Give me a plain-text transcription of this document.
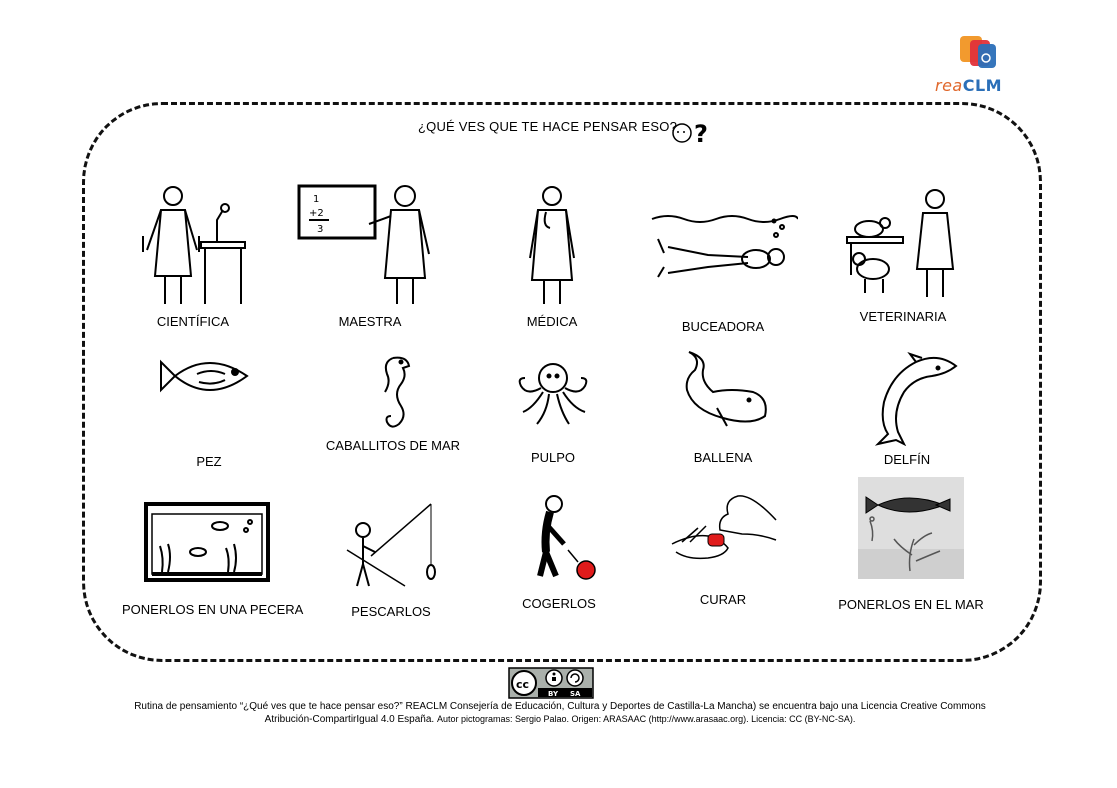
reaCLM
¿QUÉ VES QUE TE HACE PENSAR ESO? ?
CIENTÍFICA
1
+2
3
MAESTRA	MÉDICA	BUCEADORA
VETERINARIA
PEZ
CABALLITOS DE MAR
PULPO	BALLENA	DELFÍN
PONERLOS EN UNA PECERA	PESCARLOS
COGERLOS	CURAR	PONERLOS EN EL MAR
cc
BY SA
Rutina de pensamiento “¿Qué ves que te hace pensar eso?” REACLM Consejería de Educación, Cultura y Deportes de Castilla-La Mancha) se encuentra bajo una Licencia Creative Commons
Atribución-CompartirIgual 4.0 España. Autor pictogramas: Sergio Palao. Origen: ARASAAC (http://www.arasaac.org). Licencia: CC (BY-NC-SA).
